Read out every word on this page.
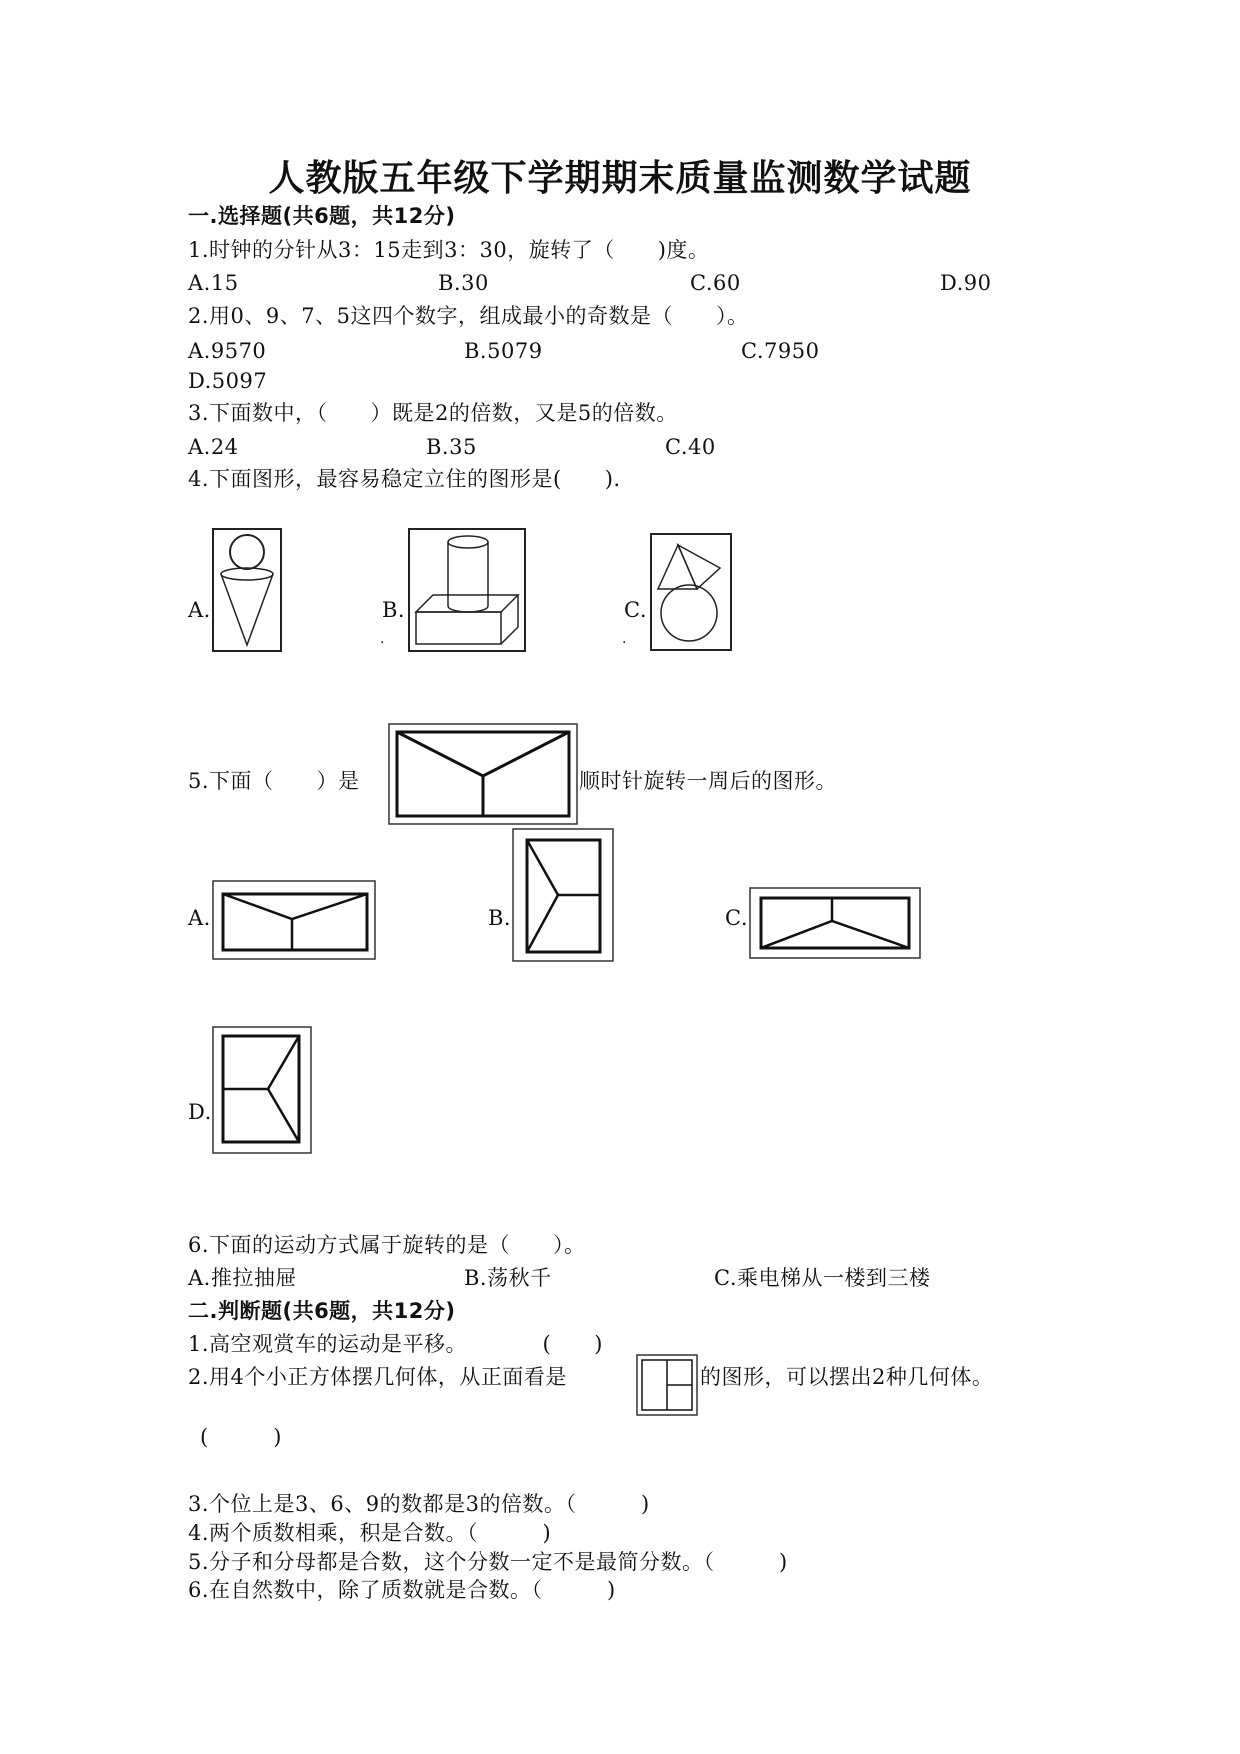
人教版五年级下学期期末质量监测数学试题
一.选择题(共6题，共12分)
1.时钟的分针从3：15走到3：30，旋转了（　　)度。
A.15	B.30	C.60	D.90
2.用0、9、7、5这四个数字，组成最小的奇数是（　　）。
A.9570	B.5079	C.7950
D.5097
3.下面数中，（　　）既是2的倍数，又是5的倍数。
A.24	B.35	C.40
4.下面图形，最容易稳定立住的图形是(　　).
A.	B.
.
C.
.
5.下面（　　）是	顺时针旋转一周后的图形。
A.	B.	C.
D.
6.下面的运动方式属于旋转的是（　　）。
A.推拉抽屉	B.荡秋千	C.乘电梯从一楼到三楼
二.判断题(共6题，共12分)
1.高空观赏车的运动是平移。　　　　(　　)
2.用4个小正方体摆几何体，从正面看是	的图形，可以摆出2种几何体。
(　　　)
3.个位上是3、6、9的数都是3的倍数。（　　　)
4.两个质数相乘，积是合数。（　　　)
5.分子和分母都是合数，这个分数一定不是最简分数。（　　　)
6.在自然数中，除了质数就是合数。（　　　)
